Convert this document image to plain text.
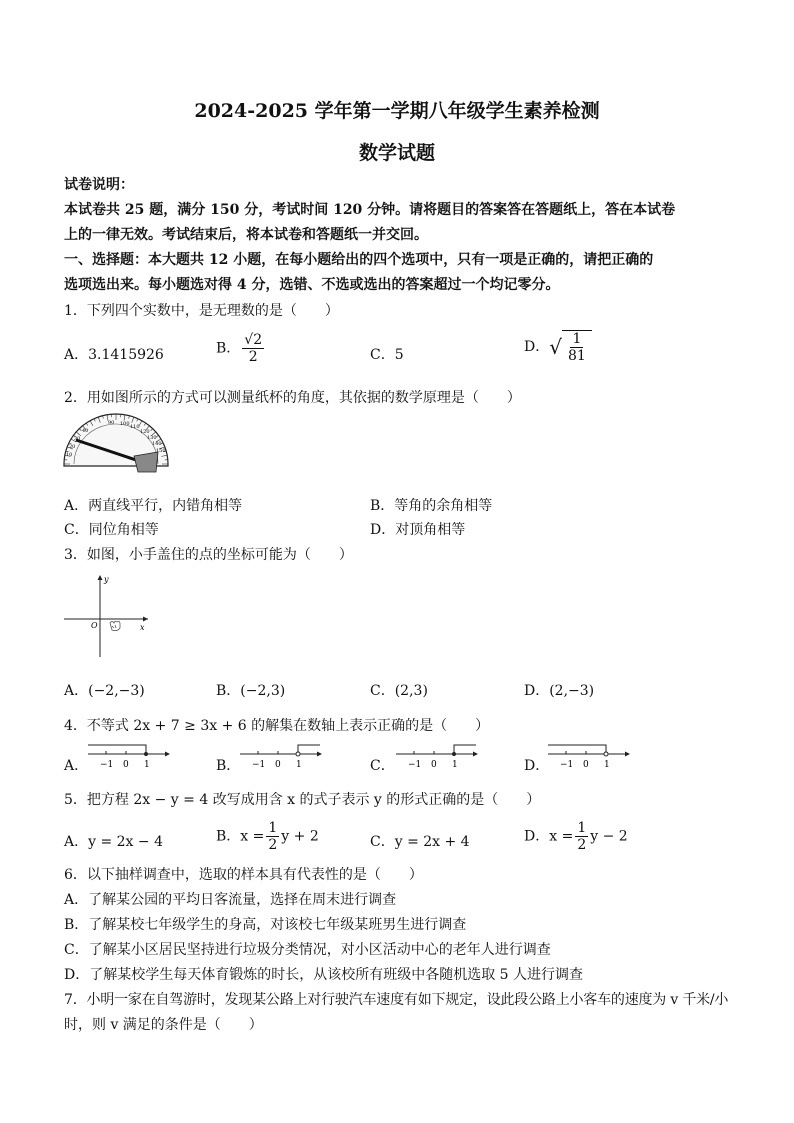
2024-2025 学年第一学期八年级学生素养检测
数学试题
试卷说明：
本试卷共 25 题，满分 150 分，考试时间 120 分钟。请将题目的答案答在答题纸上，答在本试卷
上的一律无效。考试结束后，将本试卷和答题纸一并交回。
一、选择题：本大题共 12 小题，在每小题给出的四个选项中，只有一项是正确的，请把正确的
选项选出来。每小题选对得 4 分，选错、不选或选出的答案超过一个均记零分。
1．下列四个实数中，是无理数的是（　　）
A．3.1415926	B． $\frac{√2}{2}$	C．5	D． √ $\frac{1}{81}$
2．用如图所示的方式可以测量纸杯的角度，其依据的数学原理是（　　）
90 100 110
120
130
140
150
40
30
20
10
A．两直线平行，内错角相等	B．等角的余角相等
C．同位角相等	D．对顶角相等
3．如图，小手盖住的点的坐标可能为（　　）
y
x
O
A．(−2,−3)	B．(−2,3)	C．(2,3)	D．(2,−3)
4．不等式 2x + 7 ≥ 3x + 6 的解集在数轴上表示正确的是（　　）
A． −1 0 1	B． −1 0 1	C． −1 0 1	D． −1 0 1
5．把方程 2x − y = 4 改写成用含 x 的式子表示 y 的形式正确的是（　　）
A．y = 2x − 4	B．$x = \frac{1}{2}$ y + 2	C．y = 2x + 4	D．$x = \frac{1}{2}$ y − 2
6．以下抽样调查中，选取的样本具有代表性的是（　　）
A．了解某公园的平均日客流量，选择在周末进行调查
B．了解某校七年级学生的身高，对该校七年级某班男生进行调查
C．了解某小区居民坚持进行垃圾分类情况，对小区活动中心的老年人进行调查
D．了解某校学生每天体育锻炼的时长，从该校所有班级中各随机选取 5 人进行调查
7．小明一家在自驾游时，发现某公路上对行驶汽车速度有如下规定，设此段公路上小客车的速度为 v 千米/小
时，则 v 满足的条件是（　　）
